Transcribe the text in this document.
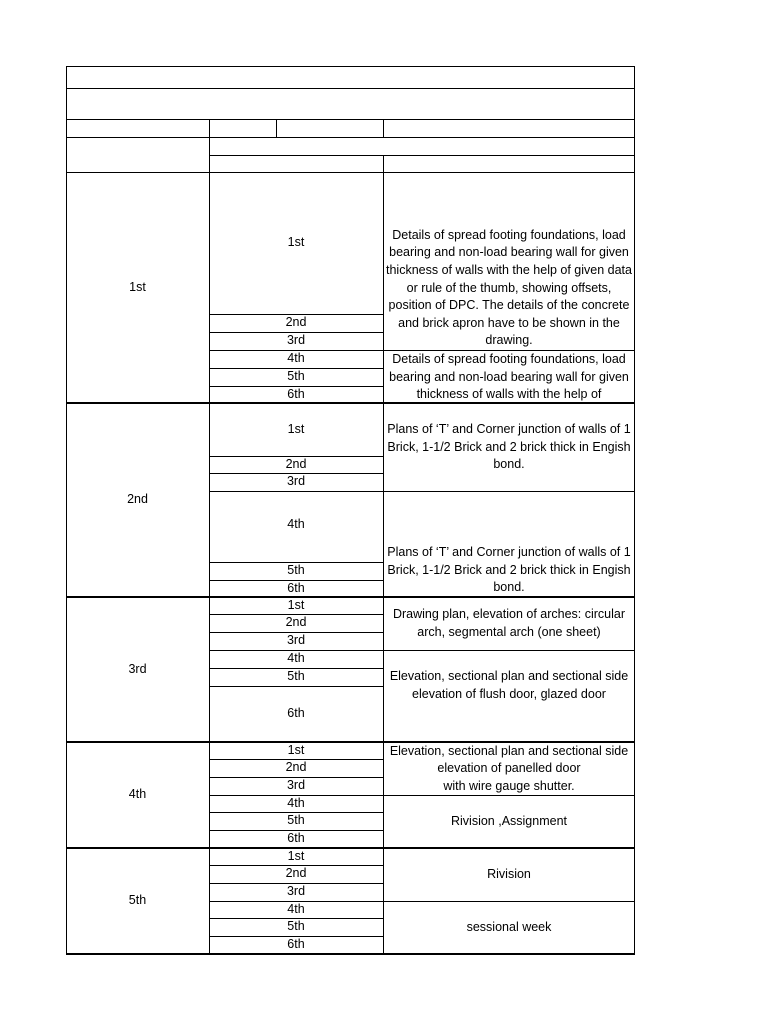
1st
1st
2nd
3rd
4th
5th
6th
Details of spread footing foundations, load bearing and non-load bearing wall for given thickness of walls with the help of given data or rule of the thumb, showing offsets, position of DPC. The details of the concrete and brick apron have to be shown in the drawing.
Details of spread footing foundations, load bearing and non-load bearing wall for given thickness of walls with the help of
2nd
1st
2nd
3rd
4th
5th
6th
Plans of ‘T’ and Corner junction of walls of 1 Brick, 1-1/2 Brick and 2 brick thick in Engish bond.
Plans of ‘T’ and Corner junction of walls of 1 Brick, 1-1/2 Brick and 2 brick thick in Engish bond.
3rd
1st
2nd
3rd
4th
5th
6th
Drawing plan, elevation of arches: circular arch, segmental arch (one sheet)
Elevation, sectional plan and sectional side elevation of flush door, glazed door
4th
1st
2nd
3rd
4th
5th
6th
Elevation, sectional plan and sectional side elevation of panelled door
with wire gauge shutter.
Rivision ,Assignment
5th
1st
2nd
3rd
4th
5th
6th
Rivision
sessional week
